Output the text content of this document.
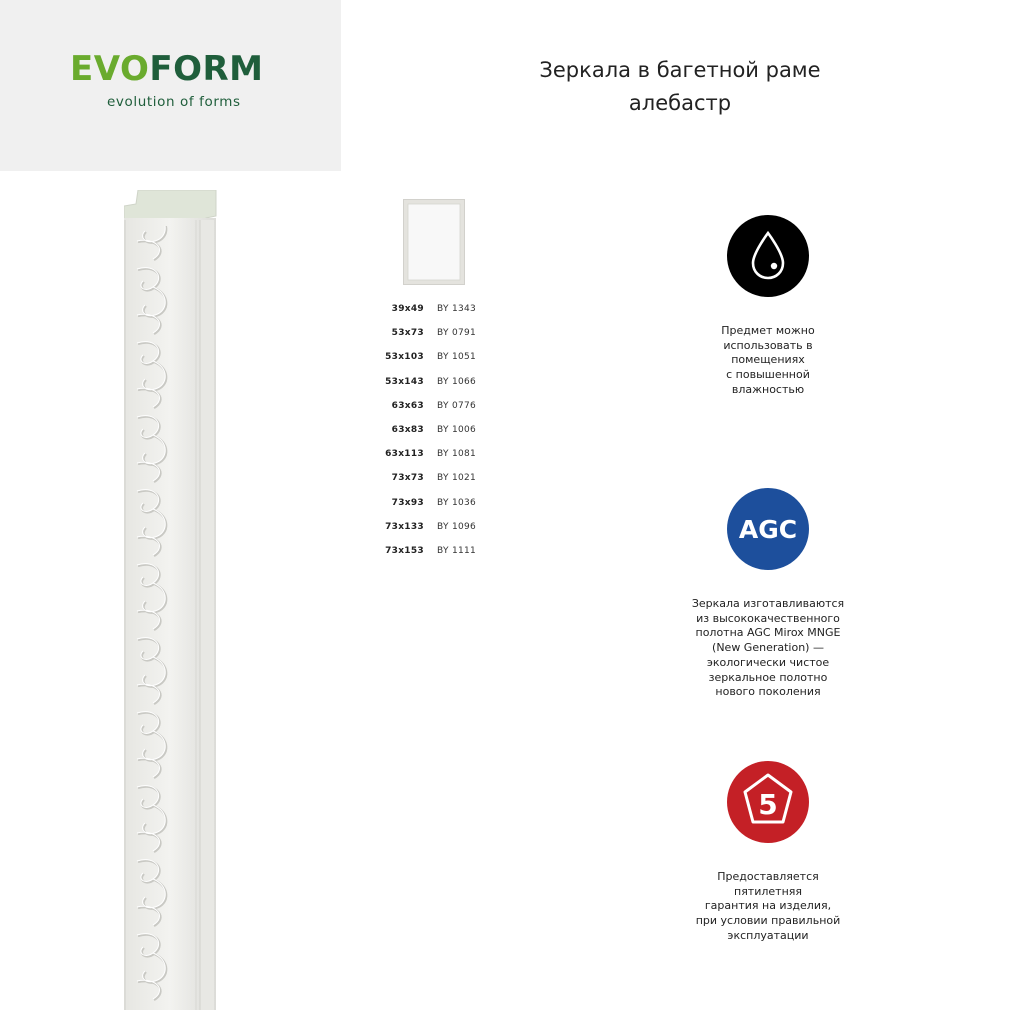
EVOFORM
evolution of forms
Зеркала в багетной раме
алебастр
39x49 BY 1343
53x73 BY 0791
53x103 BY 1051
53x143 BY 1066
63x63 BY 0776
63x83 BY 1006
63x113 BY 1081
73x73 BY 1021
73x93 BY 1036
73x133 BY 1096
73x153 BY 1111
Предмет можно
использовать в
помещениях
с повышенной
влажностью
AGC
Зеркала изготавливаются
из высококачественного
полотна AGC Mirox MNGE
(New Generation) —
экологически чистое
зеркальное полотно
нового поколения
5
Предоставляется
пятилетняя
гарантия на изделия,
при условии правильной
эксплуатации
